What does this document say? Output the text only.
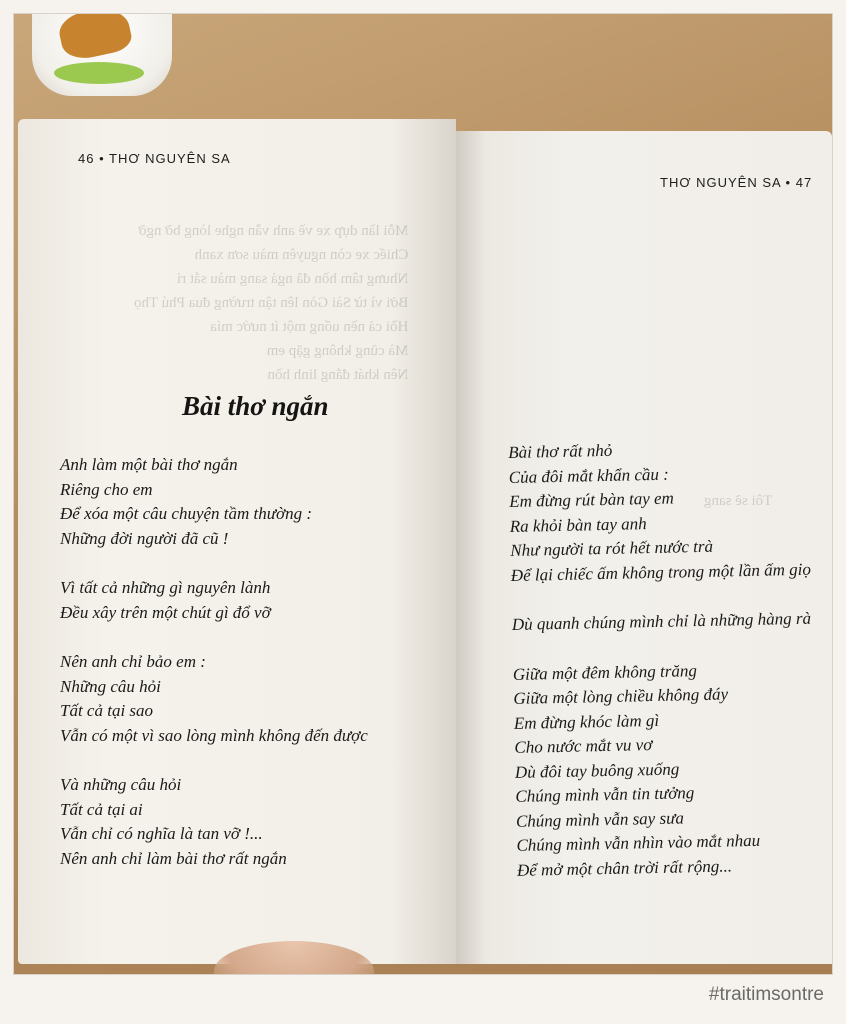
46 • THƠ NGUYÊN SA
THƠ NGUYÊN SA • 47
Mỗi lần dựp xe về anh vẫn nghe lòng bỡ ngỡ
Chiếc xe còn nguyên màu sơn xanh
Nhưng tâm hồn đã ngả sang màu sắt rỉ
Bởi vì từ Sài Gòn lên tận trường đua Phú Thọ
Hồi cả nền uống một ít nước mía
Mà cũng không gặp em
Nên khát đắng linh hồn
Tôi sẽ sang
Bài thơ ngắn
Anh làm một bài thơ ngắn
Riêng cho em
Để xóa một câu chuyện tầm thường :
Những đời người đã cũ !
Vì tất cả những gì nguyên lành
Đều xây trên một chút gì đổ vỡ
Nên anh chỉ bảo em :
Những câu hỏi
Tất cả tại sao
Vẫn có một vì sao lòng mình không đến được
Và những câu hỏi
Tất cả tại ai
Vẫn chỉ có nghĩa là tan vỡ !...
Nên anh chỉ làm bài thơ rất ngắn
Bài thơ rất nhỏ
Của đôi mắt khẩn cầu :
Em đừng rút bàn tay em
Ra khỏi bàn tay anh
Như người ta rót hết nước trà
Để lại chiếc ấm không trong một lần ấm giọ
Dù quanh chúng mình chỉ là những hàng rà
Giữa một đêm không trăng
Giữa một lòng chiều không đáy
Em đừng khóc làm gì
Cho nước mắt vu vơ
Dù đôi tay buông xuống
Chúng mình vẫn tin tưởng
Chúng mình vẫn say sưa
Chúng mình vẫn nhìn vào mắt nhau
Để mở một chân trời rất rộng...
#traitimsontre
